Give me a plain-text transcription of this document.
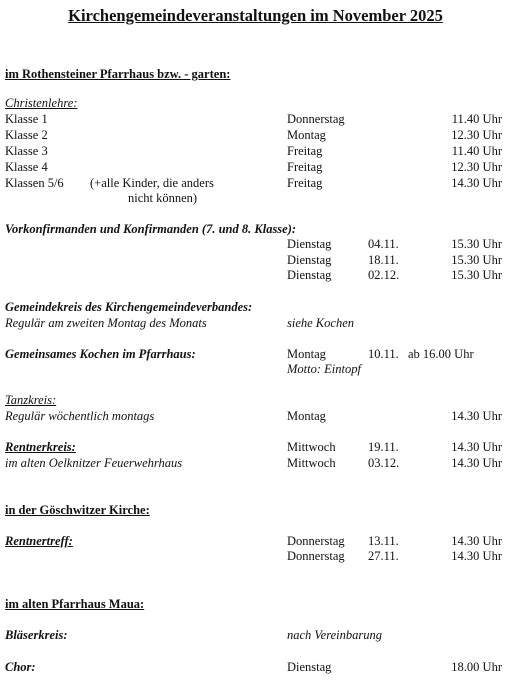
Kirchengemeindeveranstaltungen im November 2025
im Rothensteiner Pfarrhaus bzw. - garten:
Christenlehre:
Klasse 1	Donnerstag	11.40 Uhr
Klasse 2	Montag	12.30 Uhr
Klasse 3	Freitag	11.40 Uhr
Klasse 4	Freitag	12.30 Uhr
Klassen 5/6 (+alle Kinder, die anders	Freitag	14.30 Uhr
nicht können)
Vorkonfirmanden und Konfirmanden (7. und 8. Klasse):
Dienstag	04.11.	15.30 Uhr
Dienstag	18.11.	15.30 Uhr
Dienstag	02.12.	15.30 Uhr
Gemeindekreis des Kirchengemeindeverbandes:
Regulär am zweiten Montag des Monats	siehe Kochen
Gemeinsames Kochen im Pfarrhaus:	Montag	10.11. ab 16.00 Uhr
Motto: Eintopf
Tanzkreis:
Regulär wöchentlich montags	Montag	14.30 Uhr
Rentnerkreis:	Mittwoch	19.11.	14.30 Uhr
im alten Oelknitzer Feuerwehrhaus	Mittwoch	03.12.	14.30 Uhr
in der Göschwitzer Kirche:
Rentnertreff:	Donnerstag 13.11.	14.30 Uhr
Donnerstag 27.11.	14.30 Uhr
im alten Pfarrhaus Maua:
Bläserkreis:	nach Vereinbarung
Chor:	Dienstag	18.00 Uhr
